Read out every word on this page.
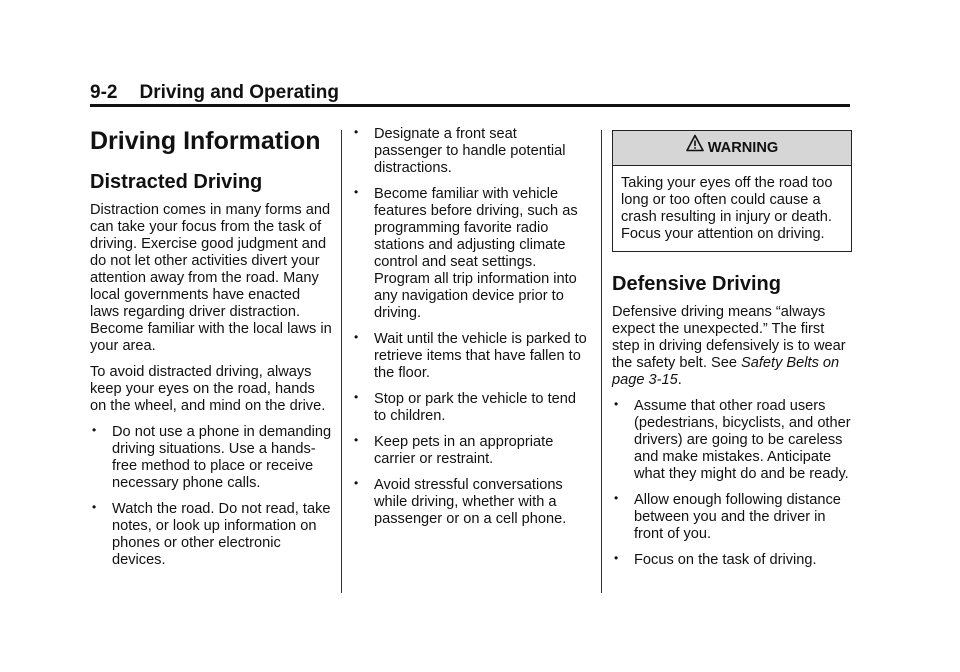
9-2 Driving and Operating
Driving Information
Distracted Driving

Distraction comes in many forms and can take your focus from the task of driving. Exercise good judgment and do not let other activities divert your attention away from the road. Many local governments have enacted laws regarding driver distraction. Become familiar with the local laws in your area.

To avoid distracted driving, always keep your eyes on the road, hands on the wheel, and mind on the drive.

• Do not use a phone in demanding driving situations. Use a hands-free method to place or receive necessary phone calls.
• Watch the road. Do not read, take notes, or look up information on phones or other electronic devices.
• Designate a front seat passenger to handle potential distractions.
• Become familiar with vehicle features before driving, such as programming favorite radio stations and adjusting climate control and seat settings. Program all trip information into any navigation device prior to driving.
• Wait until the vehicle is parked to retrieve items that have fallen to the floor.
• Stop or park the vehicle to tend to children.
• Keep pets in an appropriate carrier or restraint.
• Avoid stressful conversations while driving, whether with a passenger or on a cell phone.
WARNING

Taking your eyes off the road too long or too often could cause a crash resulting in injury or death. Focus your attention on driving.

Defensive Driving

Defensive driving means “always expect the unexpected.” The first step in driving defensively is to wear the safety belt. See Safety Belts on page 3-15.

• Assume that other road users (pedestrians, bicyclists, and other drivers) are going to be careless and make mistakes. Anticipate what they might do and be ready.
• Allow enough following distance between you and the driver in front of you.
• Focus on the task of driving.
